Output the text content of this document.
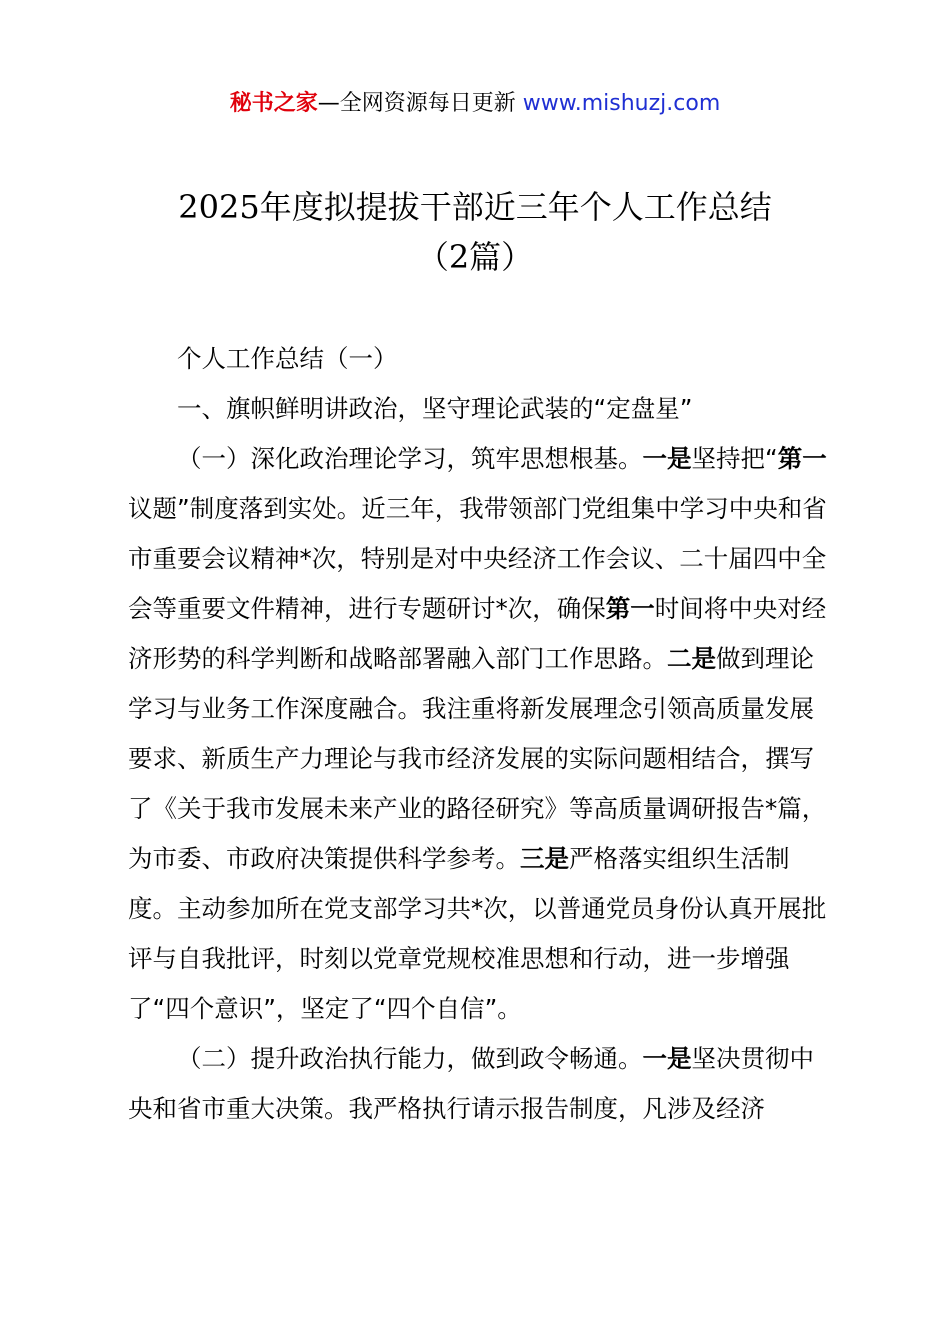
秘书之家—全网资源每日更新 www.mishuzj.com
2025年度拟提拔干部近三年个人工作总结
（2篇）

个人工作总结（一）

一、旗帜鲜明讲政治，坚守理论武装的“定盘星”

（一）深化政治理论学习，筑牢思想根基。一是坚持把“第一议题”制度落到实处。近三年，我带领部门党组集中学习中央和省市重要会议精神*次，特别是对中央经济工作会议、二十届四中全会等重要文件精神，进行专题研讨*次，确保第一时间将中央对经济形势的科学判断和战略部署融入部门工作思路。二是做到理论学习与业务工作深度融合。我注重将新发展理念引领高质量发展要求、新质生产力理论与我市经济发展的实际问题相结合，撰写了《关于我市发展未来产业的路径研究》等高质量调研报告*篇，为市委、市政府决策提供科学参考。三是严格落实组织生活制度。主动参加所在党支部学习共*次，以普通党员身份认真开展批评与自我批评，时刻以党章党规校准思想和行动，进一步增强了“四个意识”，坚定了“四个自信”。

（二）提升政治执行能力，做到政令畅通。一是坚决贯彻中央和省市重大决策。我严格执行请示报告制度，凡涉及经济
